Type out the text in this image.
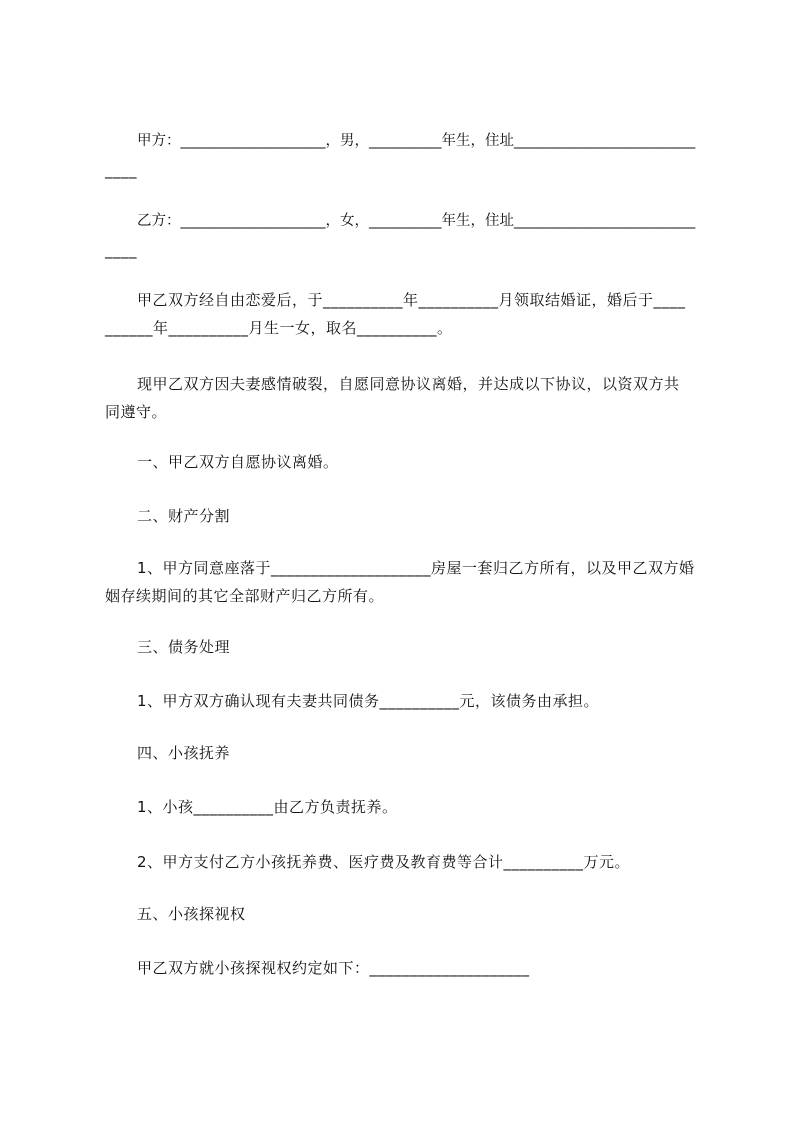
甲方：____________________，男，__________年生，住址_________________________
____
乙方：____________________，女，__________年生，住址_________________________
____
甲乙双方经自由恋爱后，于__________年__________月领取结婚证，婚后于____
______年__________月生一女，取名__________。
现甲乙双方因夫妻感情破裂，自愿同意协议离婚，并达成以下协议，以资双方共
同遵守。
一、甲乙双方自愿协议离婚。
二、财产分割
1、甲方同意座落于____________________房屋一套归乙方所有，以及甲乙双方婚
姻存续期间的其它全部财产归乙方所有。
三、债务处理
1、甲方双方确认现有夫妻共同债务__________元，该债务由承担。
四、小孩抚养
1、小孩__________由乙方负责抚养。
2、甲方支付乙方小孩抚养费、医疗费及教育费等合计__________万元。
五、小孩探视权
甲乙双方就小孩探视权约定如下：____________________
